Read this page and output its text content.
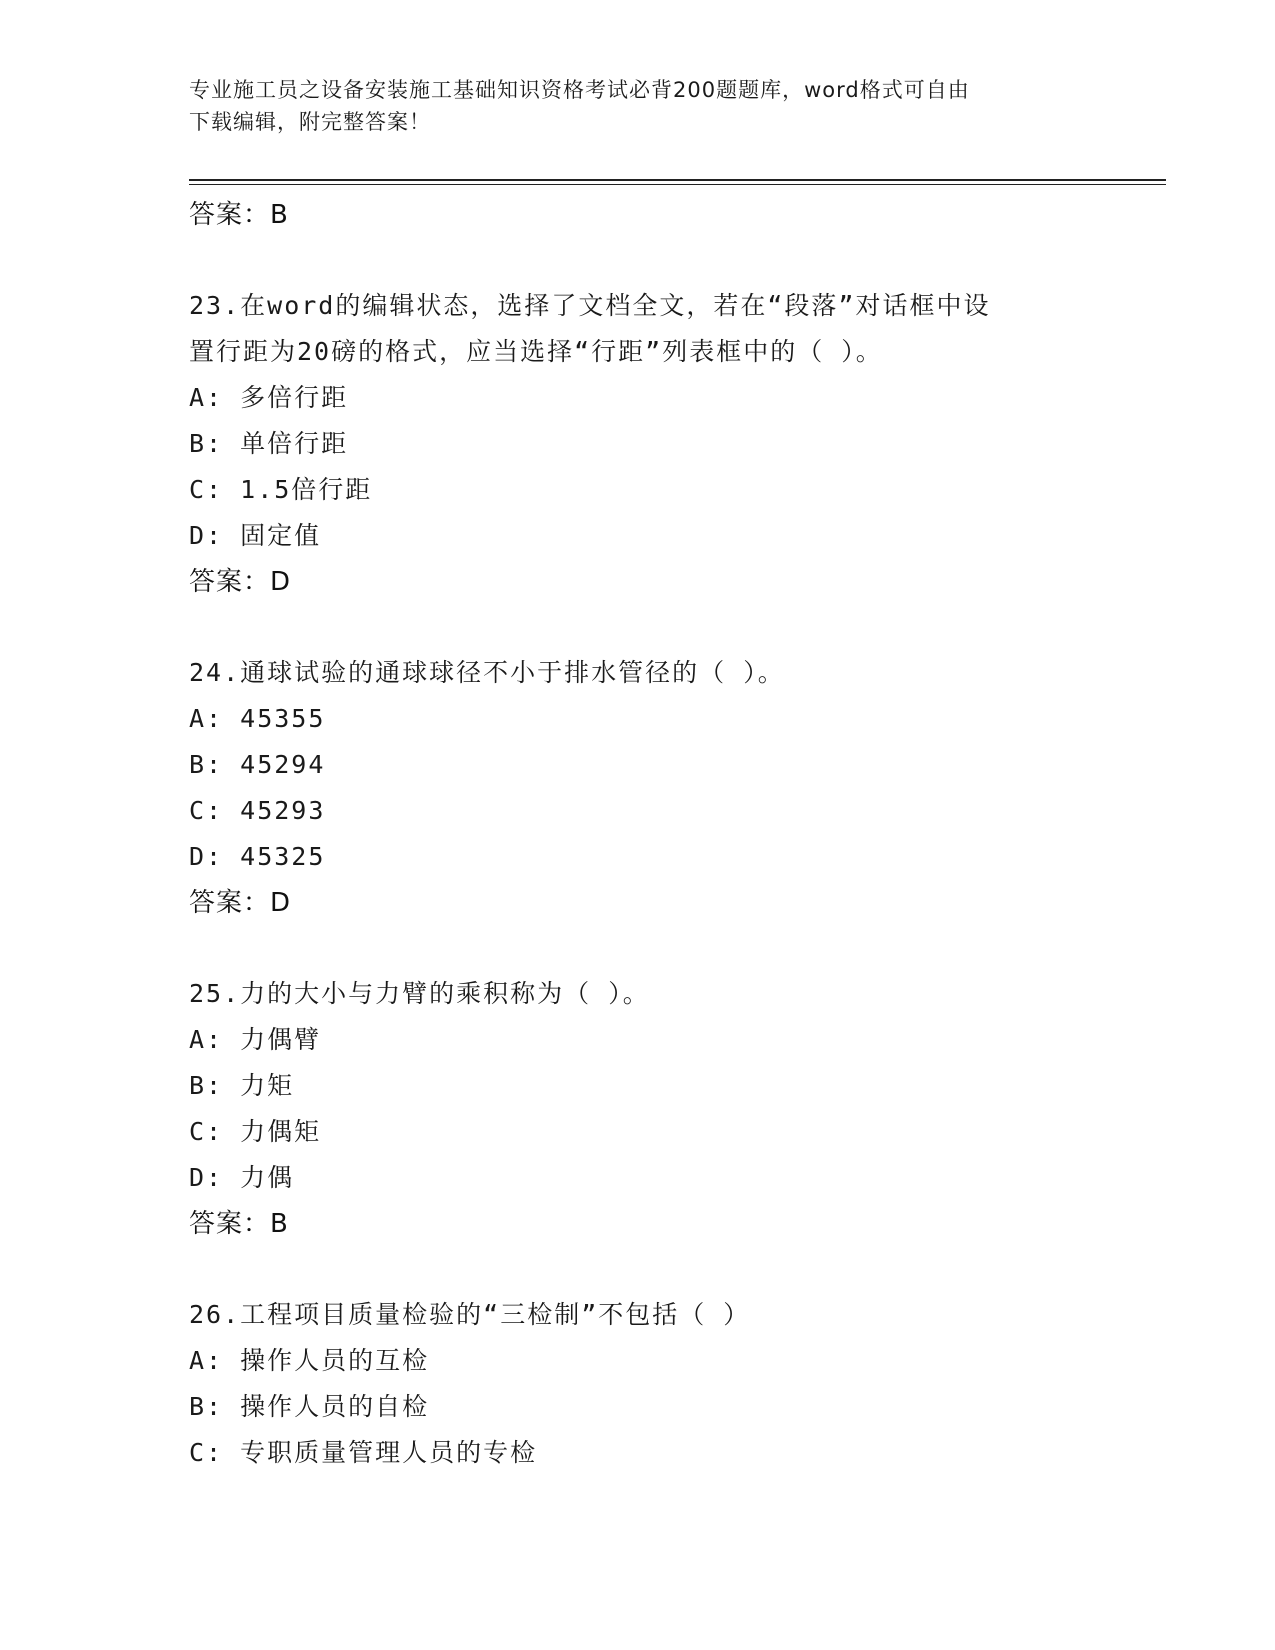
专业施工员之设备安装施工基础知识资格考试必背200题题库，word格式可自由
下载编辑，附完整答案！
答案：B
23.在word的编辑状态，选择了文档全文，若在“段落”对话框中设
置行距为20磅的格式，应当选择“行距”列表框中的（ ）。
A: 多倍行距
B: 单倍行距
C: 1.5倍行距
D: 固定值
答案：D
24.通球试验的通球球径不小于排水管径的（ ）。
A: 45355
B: 45294
C: 45293
D: 45325
答案：D
25.力的大小与力臂的乘积称为（ ）。
A: 力偶臂
B: 力矩
C: 力偶矩
D: 力偶
答案：B
26.工程项目质量检验的“三检制”不包括（ ）
A: 操作人员的互检
B: 操作人员的自检
C: 专职质量管理人员的专检
